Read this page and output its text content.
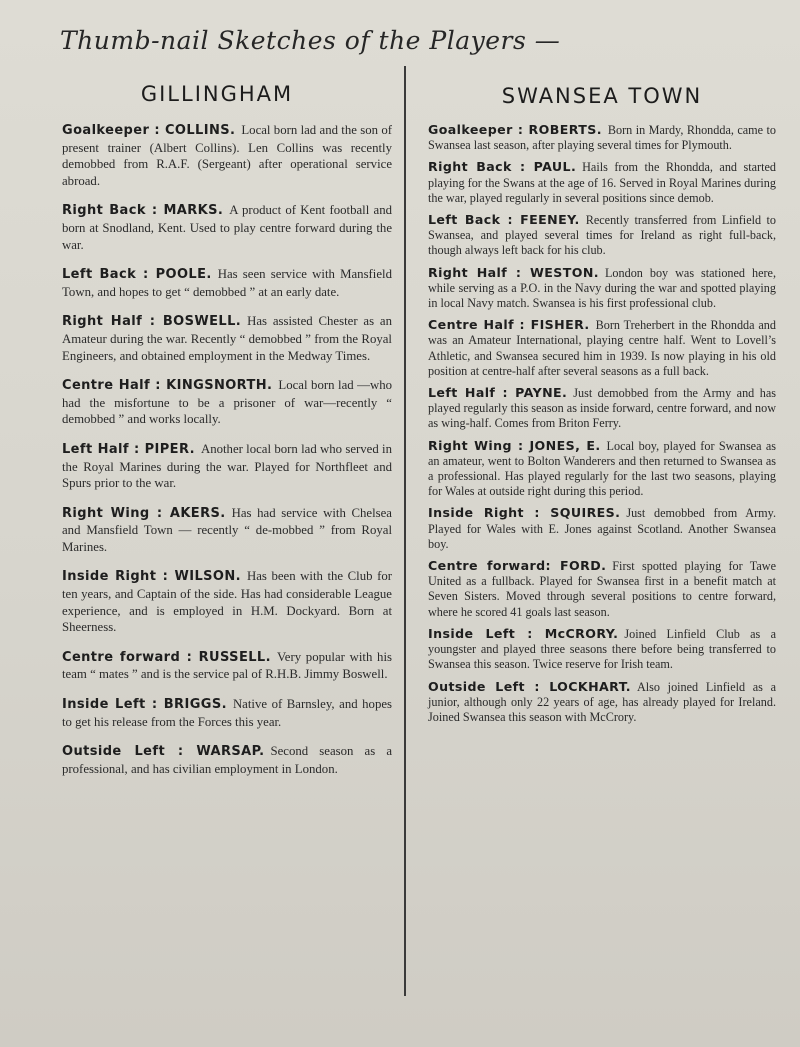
Thumb-nail Sketches of the Players —
GILLINGHAM
Goalkeeper : COLLINS. Local born lad and the son of present trainer (Albert Collins). Len Collins was recently demobbed from R.A.F. (Sergeant) after operational service abroad.
Right Back : MARKS. A product of Kent football and born at Snodland, Kent. Used to play centre forward during the war.
Left Back : POOLE. Has seen service with Mansfield Town, and hopes to get “ demobbed ” at an early date.
Right Half : BOSWELL. Has assisted Chester as an Amateur during the war. Recently “ demobbed ” from the Royal Engineers, and obtained employment in the Medway Times.
Centre Half : KINGSNORTH. Local born lad —who had the misfortune to be a prisoner of war—recently “ demobbed ” and works locally.
Left Half : PIPER. Another local born lad who served in the Royal Marines during the war. Played for Northfleet and Spurs prior to the war.
Right Wing : AKERS. Has had service with Chelsea and Mansfield Town — recently “ de-mobbed ” from Royal Marines.
Inside Right : WILSON. Has been with the Club for ten years, and Captain of the side. Has had considerable League experience, and is employed in H.M. Dockyard. Born at Sheerness.
Centre forward : RUSSELL. Very popular with his team “ mates ” and is the service pal of R.H.B. Jimmy Boswell.
Inside Left : BRIGGS. Native of Barnsley, and hopes to get his release from the Forces this year.
Outside Left : WARSAP. Second season as a professional, and has civilian employment in London.
SWANSEA TOWN
Goalkeeper : ROBERTS. Born in Mardy, Rhondda, came to Swansea last season, after playing several times for Plymouth.
Right Back : PAUL. Hails from the Rhondda, and started playing for the Swans at the age of 16. Served in Royal Marines during the war, played regularly in several positions since demob.
Left Back : FEENEY. Recently transferred from Linfield to Swansea, and played several times for Ireland as right full-back, though always left back for his club.
Right Half : WESTON. London boy was stationed here, while serving as a P.O. in the Navy during the war and spotted playing in local Navy match. Swansea is his first professional club.
Centre Half : FISHER. Born Treherbert in the Rhondda and was an Amateur International, playing centre half. Went to Lovell’s Athletic, and Swansea secured him in 1939. Is now playing in his old position at centre-half after several seasons as a full back.
Left Half : PAYNE. Just demobbed from the Army and has played regularly this season as inside forward, centre forward, and now as wing-half. Comes from Briton Ferry.
Right Wing : JONES, E. Local boy, played for Swansea as an amateur, went to Bolton Wanderers and then returned to Swansea as a professional. Has played regularly for the last two seasons, playing for Wales at outside right during this period.
Inside Right : SQUIRES. Just demobbed from Army. Played for Wales with E. Jones against Scotland. Another Swansea boy.
Centre forward: FORD. First spotted playing for Tawe United as a fullback. Played for Swansea first in a benefit match at Seven Sisters. Moved through several positions to centre forward, where he scored 41 goals last season.
Inside Left : McCRORY. Joined Linfield Club as a youngster and played three seasons there before being transferred to Swansea this season. Twice reserve for Irish team.
Outside Left : LOCKHART. Also joined Linfield as a junior, although only 22 years of age, has already played for Ireland. Joined Swansea this season with McCrory.
